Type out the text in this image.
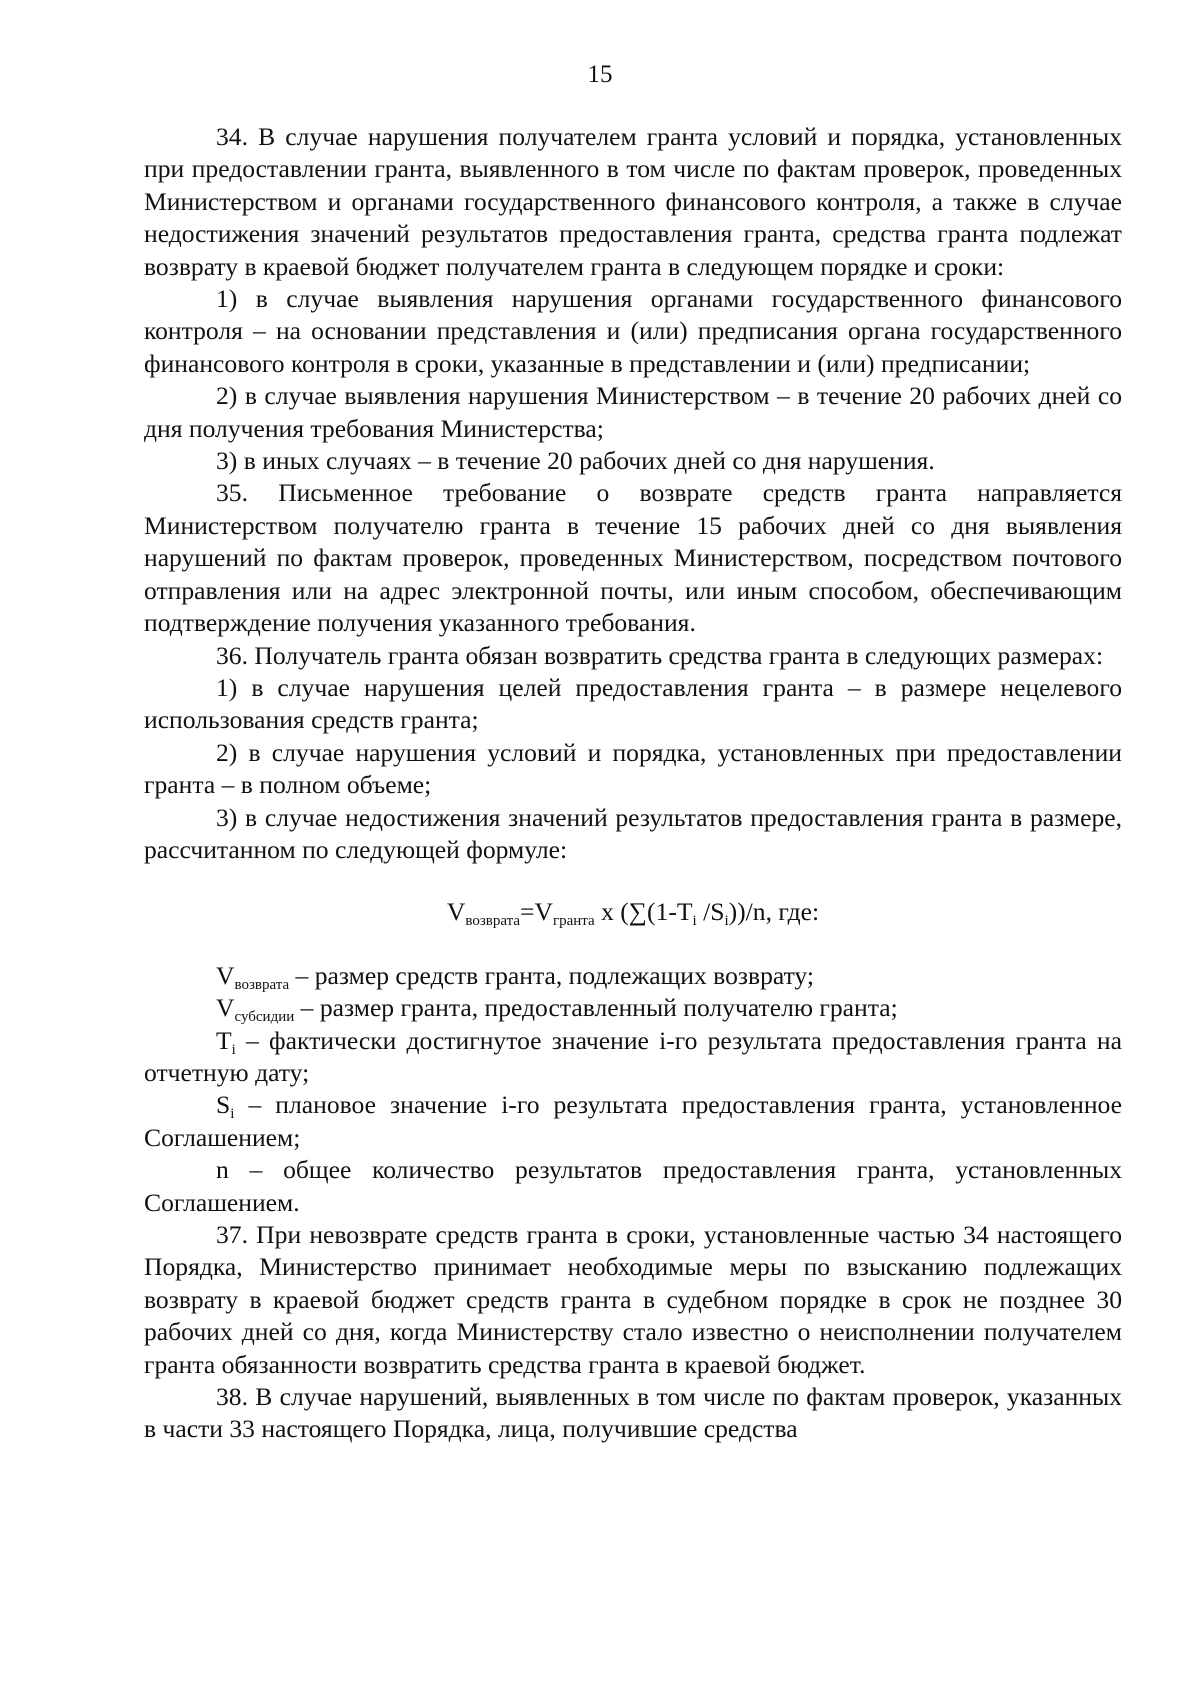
15

34. В случае нарушения получателем гранта условий и порядка, установленных при предоставлении гранта, выявленного в том числе по фактам проверок, проведенных Министерством и органами государственного финансового контроля, а также в случае недостижения значений результатов предоставления гранта, средства гранта подлежат возврату в краевой бюджет получателем гранта в следующем порядке и сроки:

1) в случае выявления нарушения органами государственного финансового контроля – на основании представления и (или) предписания органа государственного финансового контроля в сроки, указанные в представлении и (или) предписании;

2) в случае выявления нарушения Министерством – в течение 20 рабочих дней со дня получения требования Министерства;

3) в иных случаях – в течение 20 рабочих дней со дня нарушения.

35. Письменное требование о возврате средств гранта направляется Министерством получателю гранта в течение 15 рабочих дней со дня выявления нарушений по фактам проверок, проведенных Министерством, посредством почтового отправления или на адрес электронной почты, или иным способом, обеспечивающим подтверждение получения указанного требования.

36. Получатель гранта обязан возвратить средства гранта в следующих размерах:

1) в случае нарушения целей предоставления гранта – в размере нецелевого использования средств гранта;

2) в случае нарушения условий и порядка, установленных при предоставлении гранта – в полном объеме;

3) в случае недостижения значений результатов предоставления гранта в размере, рассчитанном по следующей формуле:

$V_{возврата}=V_{гранта}$ x ($\sum(1-T_i$ $/S_i))/n$, где:

$V_{возврата}$ – размер средств гранта, подлежащих возврату;

$V_{субсидии}$ – размер гранта, предоставленный получателю гранта;

$T_i$ – фактически достигнутое значение i-го результата предоставления гранта на отчетную дату;

$S_i$ – плановое значение i-го результата предоставления гранта, установленное Соглашением;

n – общее количество результатов предоставления гранта, установленных Соглашением.

37. При невозврате средств гранта в сроки, установленные частью 34 настоящего Порядка, Министерство принимает необходимые меры по взысканию подлежащих возврату в краевой бюджет средств гранта в судебном порядке в срок не позднее 30 рабочих дней со дня, когда Министерству стало известно о неисполнении получателем гранта обязанности возвратить средства гранта в краевой бюджет.

38. В случае нарушений, выявленных в том числе по фактам проверок, указанных в части 33 настоящего Порядка, лица, получившие средства
